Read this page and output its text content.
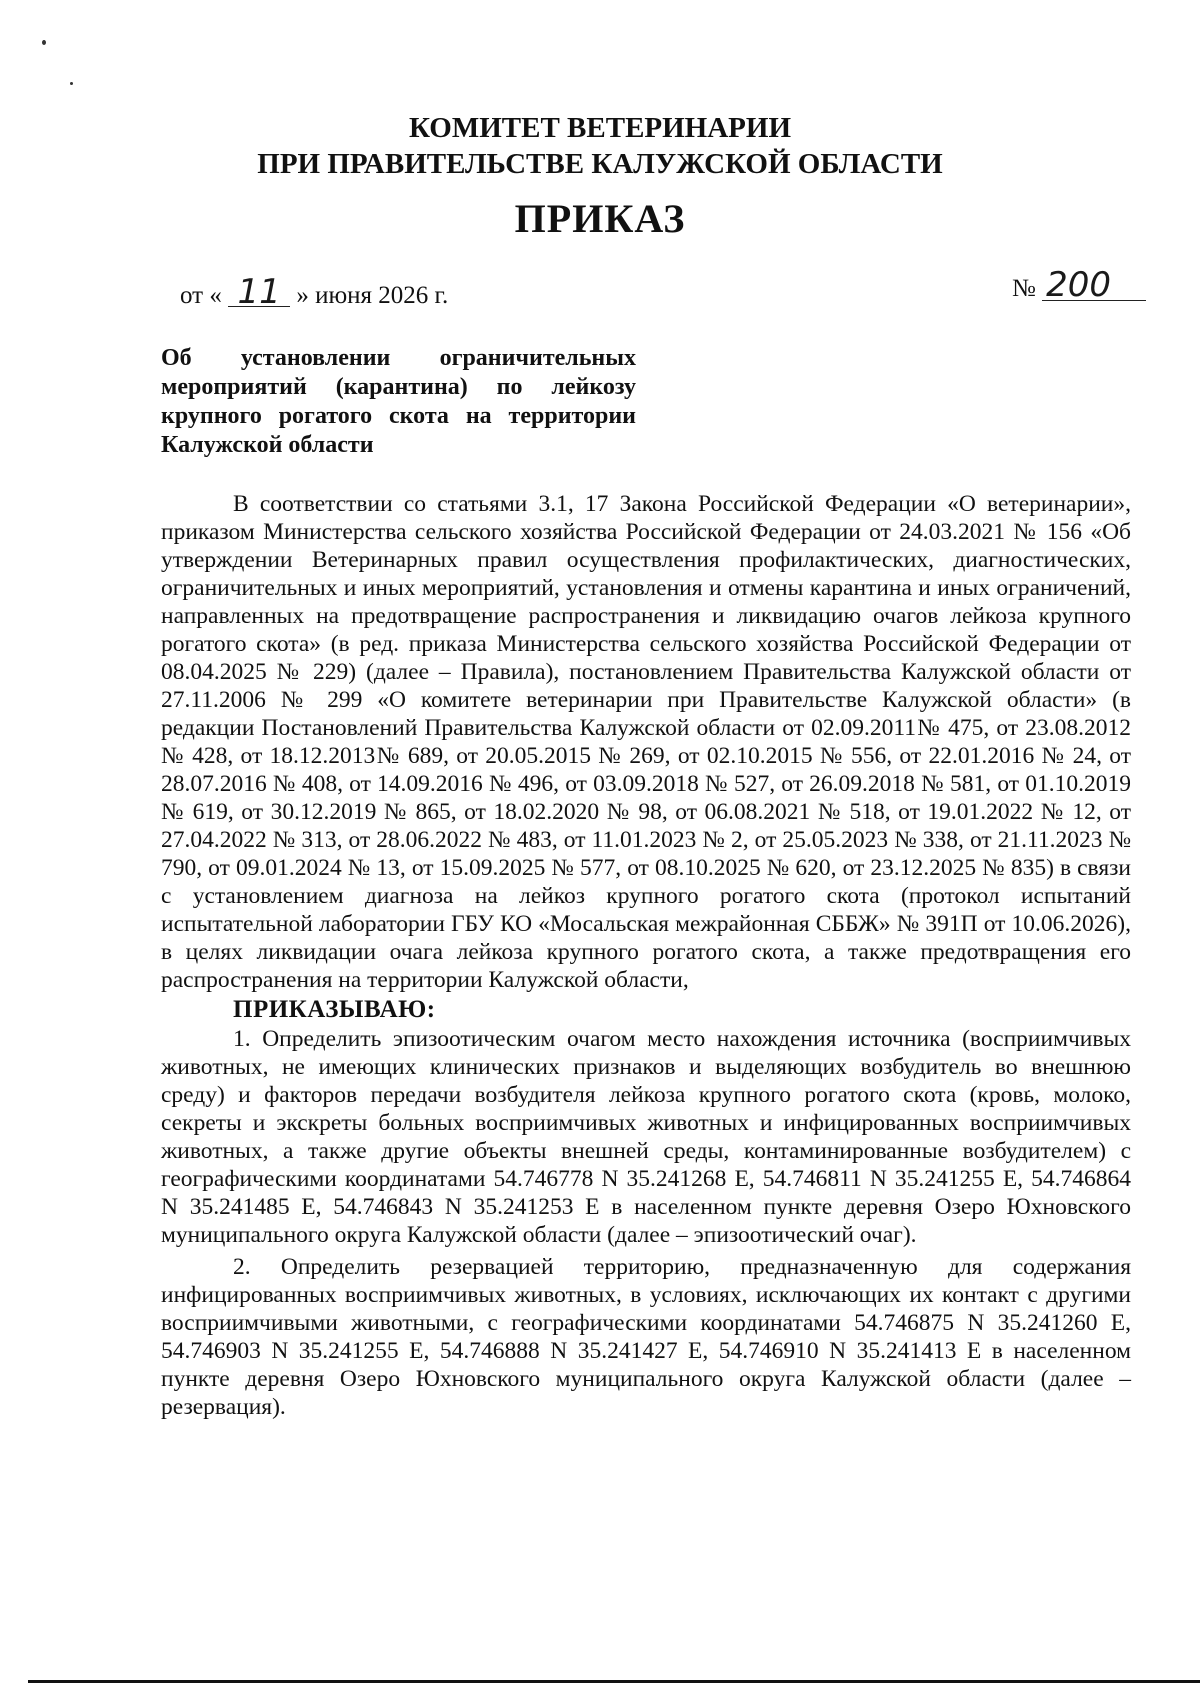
КОМИТЕТ ВЕТЕРИНАРИИ
ПРИ ПРАВИТЕЛЬСТВЕ КАЛУЖСКОЙ ОБЛАСТИ
ПРИКАЗ
от « 11 » июня 2026 г.	№ 200
Об установлении ограничительных
мероприятий (карантина) по лейкозу
крупного рогатого скота на территории
Калужской области

В соответствии со статьями 3.1, 17 Закона Российской Федерации «О ветеринарии», приказом Министерства сельского хозяйства Российской Федерации от 24.03.2021 № 156 «Об утверждении Ветеринарных правил осуществления профилактических, диагностических, ограничительных и иных мероприятий, установления и отмены карантина и иных ограничений, направленных на предотвращение распространения и ликвидацию очагов лейкоза крупного рогатого скота» (в ред. приказа Министерства сельского хозяйства Российской Федерации от 08.04.2025 № 229) (далее – Правила), постановлением Правительства Калужской области от 27.11.2006 № 299 «О комитете ветеринарии при Правительстве Калужской области» (в редакции Постановлений Правительства Калужской области от 02.09.2011№ 475, от 23.08.2012 № 428, от 18.12.2013№ 689, от 20.05.2015 № 269, от 02.10.2015 № 556, от 22.01.2016 № 24, от 28.07.2016 № 408, от 14.09.2016 № 496, от 03.09.2018 № 527, от 26.09.2018 № 581, от 01.10.2019 № 619, от 30.12.2019 № 865, от 18.02.2020 № 98, от 06.08.2021 № 518, от 19.01.2022 № 12, от 27.04.2022 № 313, от 28.06.2022 № 483, от 11.01.2023 № 2, от 25.05.2023 № 338, от 21.11.2023 № 790, от 09.01.2024 № 13, от 15.09.2025 № 577, от 08.10.2025 № 620, от 23.12.2025 № 835) в связи с установлением диагноза на лейкоз крупного рогатого скота (протокол испытаний испытательной лаборатории ГБУ КО «Мосальская межрайонная СББЖ» № 391П от 10.06.2026), в целях ликвидации очага лейкоза крупного рогатого скота, а также предотвращения его распространения на территории Калужской области,

ПРИКАЗЫВАЮ:

1. Определить эпизоотическим очагом место нахождения источника (восприимчивых животных, не имеющих клинических признаков и выделяющих возбудитель во внешнюю среду) и факторов передачи возбудителя лейкоза крупного рогатого скота (кровь, молоко, секреты и экскреты больных восприимчивых животных и инфицированных восприимчивых животных, а также другие объекты внешней среды, контаминированные возбудителем) с географическими координатами 54.746778 N 35.241268 E, 54.746811 N 35.241255 E, 54.746864 N 35.241485 E, 54.746843 N 35.241253 E в населенном пункте деревня Озеро Юхновского муниципального округа Калужской области (далее – эпизоотический очаг).

2. Определить резервацией территорию, предназначенную для содержания инфицированных восприимчивых животных, в условиях, исключающих их контакт с другими восприимчивыми животными, с географическими координатами 54.746875 N 35.241260 E, 54.746903 N 35.241255 E, 54.746888 N 35.241427 E, 54.746910 N 35.241413 E в населенном пункте деревня Озеро Юхновского муниципального округа Калужской области (далее – резервация).
